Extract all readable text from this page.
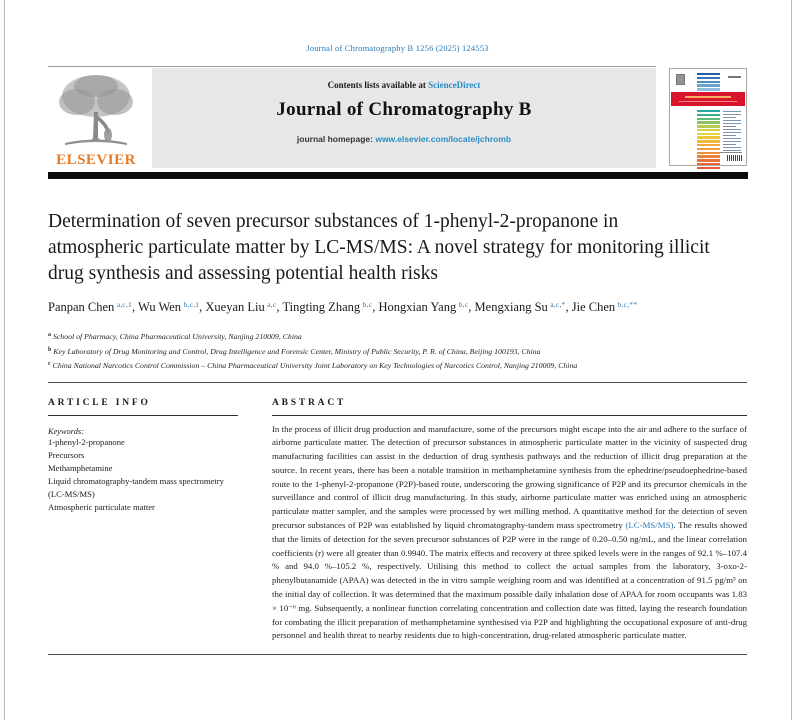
Journal of Chromatography B 1256 (2025) 124553
ELSEVIER
Contents lists available at ScienceDirect
Journal of Chromatography B
journal homepage: www.elsevier.com/locate/jchromb
Determination of seven precursor substances of 1-phenyl-2-propanone in atmospheric particulate matter by LC-MS/MS: A novel strategy for monitoring illicit drug synthesis and assessing potential health risks
Panpan Chen $^{a,c,1}$, Wu Wen $^{b,c,1}$, Xueyan Liu $^{a,c}$, Tingting Zhang $^{b,c}$, Hongxian Yang $^{b,c}$, Mengxiang Su $^{a,c,*}$, Jie Chen $^{b,c,**}$
$^a$ School of Pharmacy, China Pharmaceutical University, Nanjing 210009, China
$^b$ Key Laboratory of Drug Monitoring and Control, Drug Intelligence and Forensic Center, Ministry of Public Security, P. R. of China, Beijing 100193, China
$^c$ China National Narcotics Control Commission – China Pharmaceutical University Joint Laboratory on Key Technologies of Narcotics Control, Nanjing 210009, China
ARTICLE INFO
Keywords:
1-phenyl-2-propanone
Precursors
Methamphetamine
Liquid chromatography-tandem mass spectrometry (LC-MS/MS)
Atmospheric particulate matter
ABSTRACT
In the process of illicit drug production and manufacture, some of the precursors might escape into the air and adhere to the surface of airborne particulate matter. The detection of precursor substances in atmospheric particulate matter in the vicinity of suspected drug manufacturing facilities can assist in the deduction of drug synthesis pathways and the reduction of illicit drug preparation at the source. In recent years, there has been a notable transition in methamphetamine synthesis from the ephedrine/pseudoephedrine-based route to the 1-phenyl-2-propanone (P2P)-based route, underscoring the growing significance of P2P and its precursor chemicals in the surveillance and control of illicit drug manufacturing. In this study, airborne particulate matter was enriched using an atmospheric particulate matter sampler, and the samples were processed by wet milling method. A quantitative method for the detection of seven precursor substances of P2P was established by liquid chromatography-tandem mass spectrometry (LC-MS/MS). The results showed that the limits of detection for the seven precursor substances of P2P were in the range of 0.20–0.50 ng/mL, and the linear correlation coefficients (r) were all greater than 0.9940. The matrix effects and recovery at three spiked levels were in the ranges of 92.1 %–107.4 % and 94.0 %–105.2 %, respectively. Utilising this method to collect the actual samples from the laboratory, 3-oxo-2-phenylbutanamide (APAA) was detected in the in vitro sample weighing room and was identified at a concentration of 91.5 pg/m³ on the initial day of collection. It was determined that the maximum possible daily inhalation dose of APAA for room occupants was 1.83 × 10⁻⁶ mg. Subsequently, a nonlinear function correlating concentration and collection date was fitted, laying the research foundation for combating the illicit preparation of methamphetamine synthesised via P2P and highlighting the occupational exposure of anti-drug personnel and health threat to nearby residents due to high-concentration, drug-related atmospheric particulate matter.
